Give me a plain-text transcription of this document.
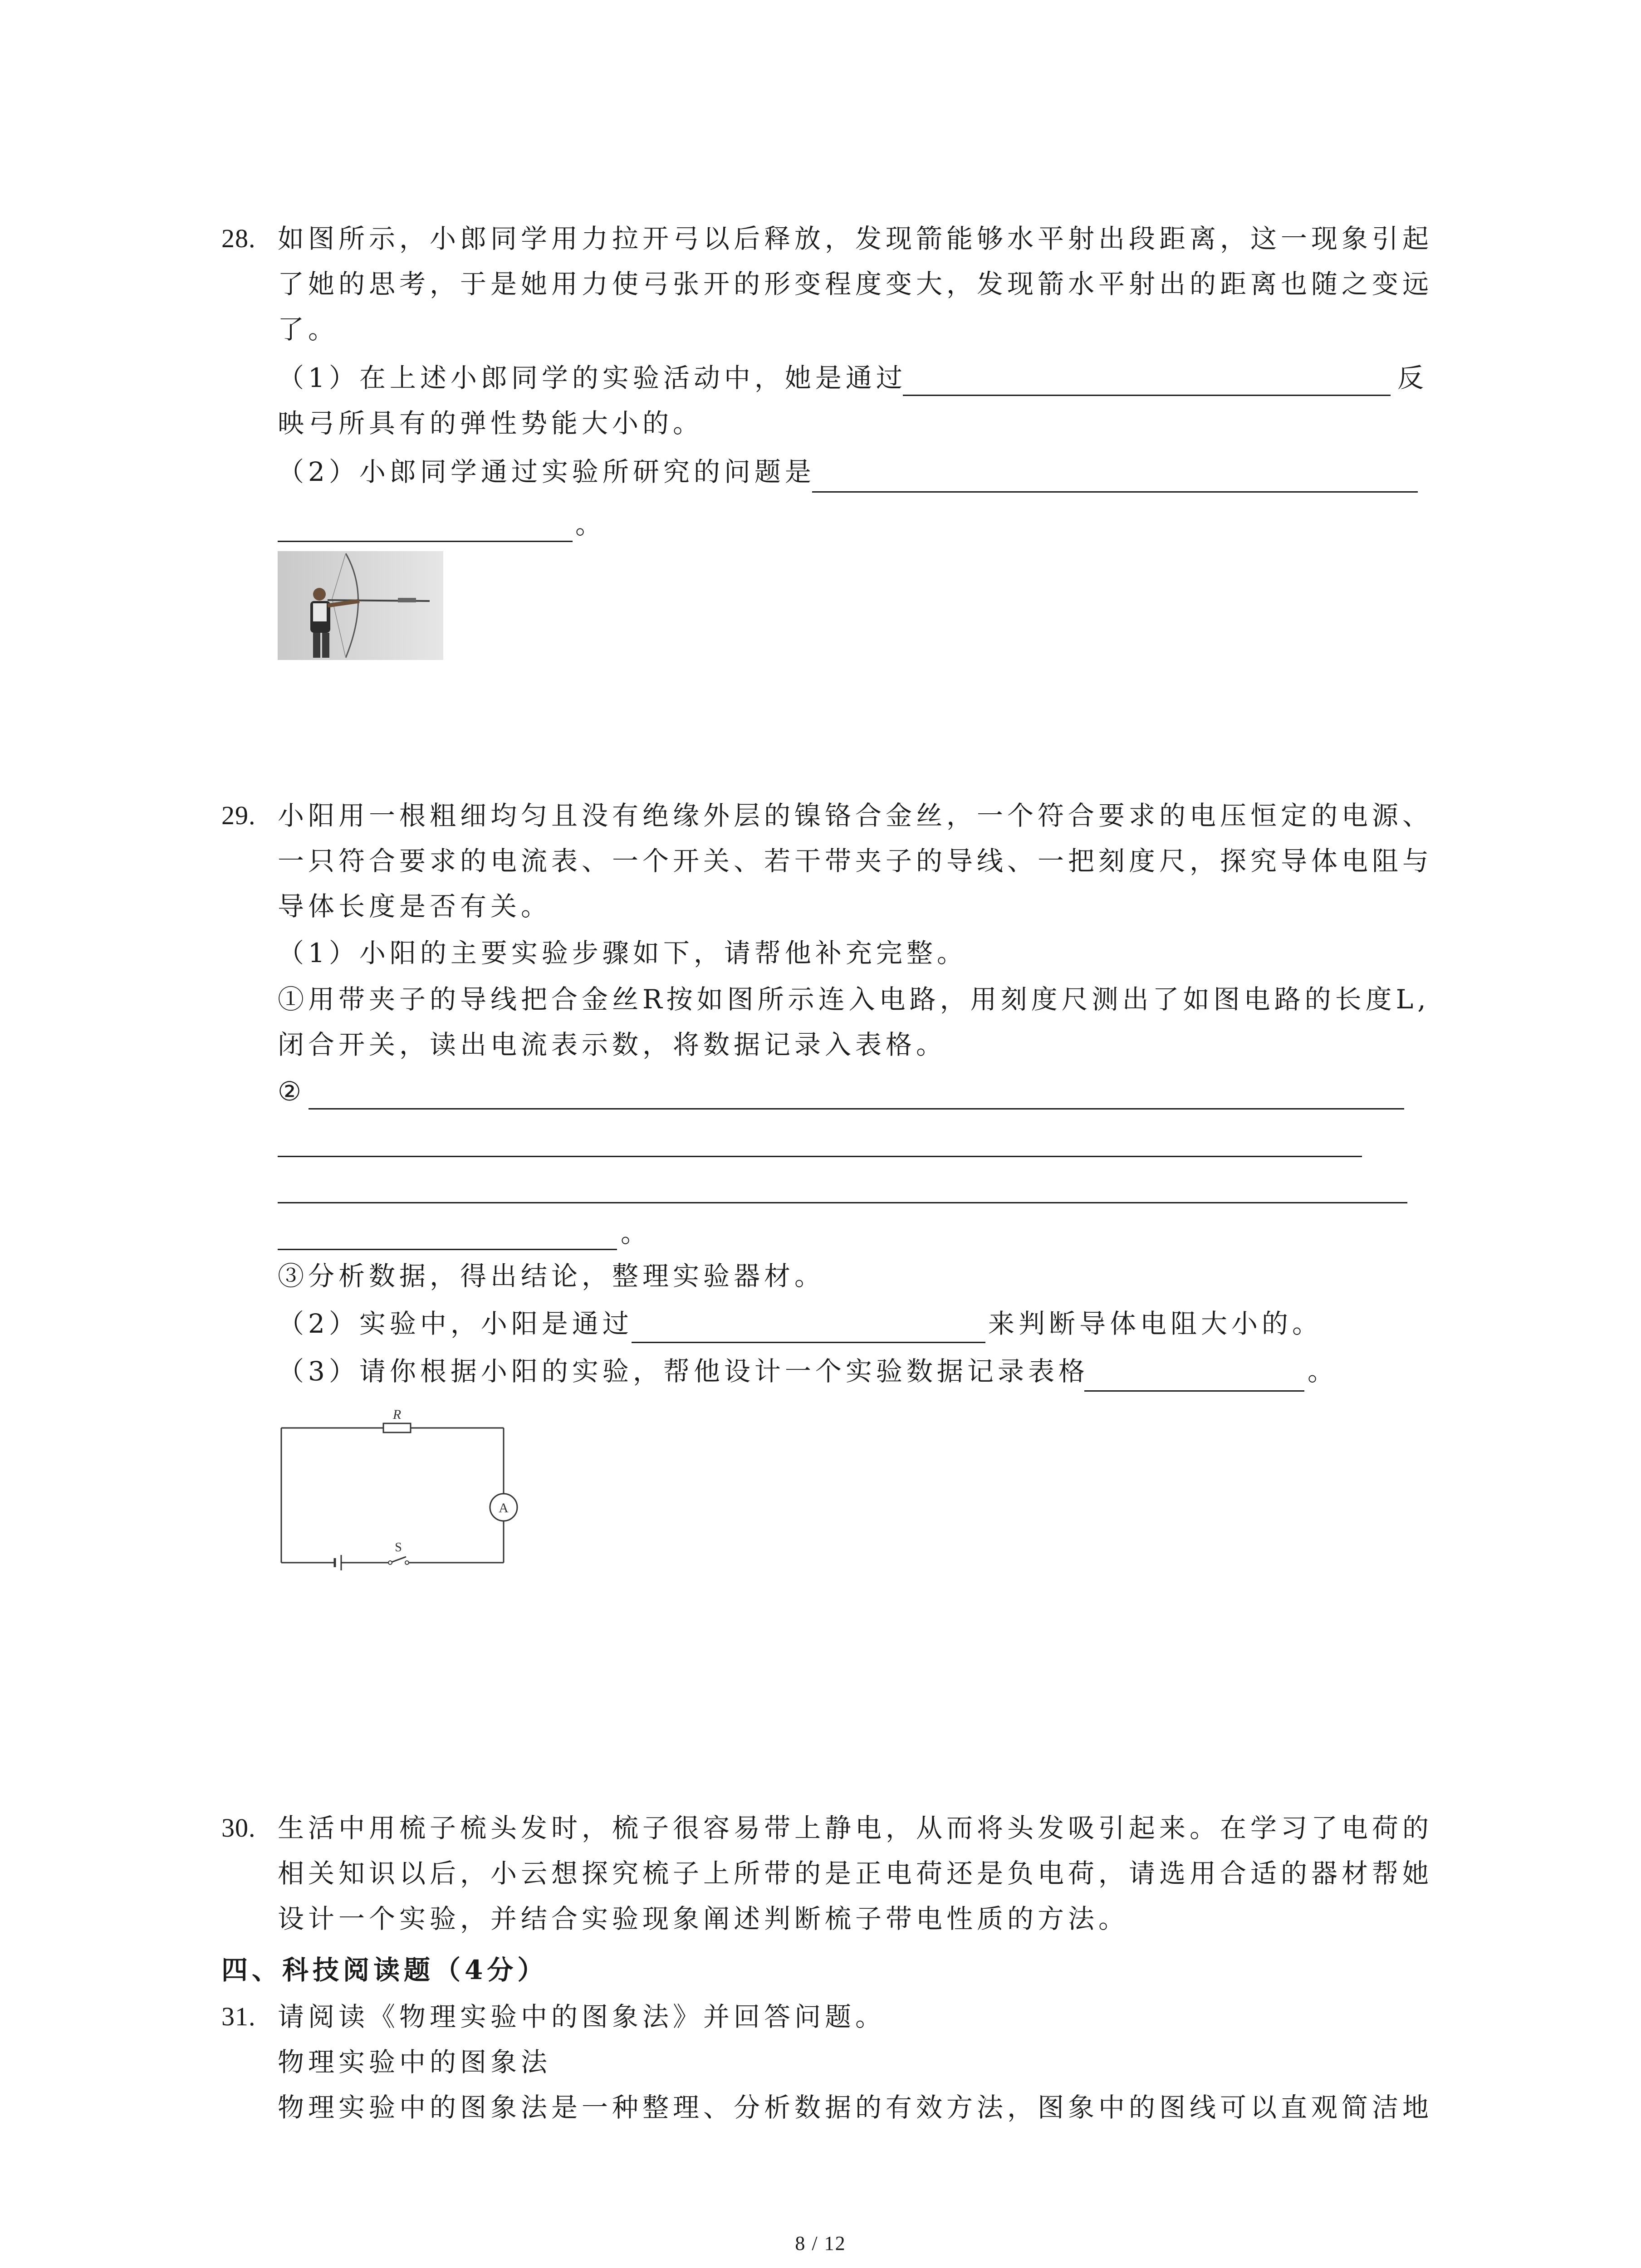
28. 如图所示，小郎同学用力拉开弓以后释放，发现箭能够水平射出段距离，这一现象引起
了她的思考，于是她用力使弓张开的形变程度变大，发现箭水平射出的距离也随之变远
了。
（1）在上述小郎同学的实验活动中，她是通过	反
映弓所具有的弹性势能大小的。
（2）小郎同学通过实验所研究的问题是
。
29. 小阳用一根粗细均匀且没有绝缘外层的镍铬合金丝，一个符合要求的电压恒定的电源、
一只符合要求的电流表、一个开关、若干带夹子的导线、一把刻度尺，探究导体电阻与
导体长度是否有关。
（1）小阳的主要实验步骤如下，请帮他补充完整。
①用带夹子的导线把合金丝R按如图所示连入电路，用刻度尺测出了如图电路的长度L,
闭合开关，读出电流表示数，将数据记录入表格。
②
。
③分析数据，得出结论，整理实验器材。
（2）实验中，小阳是通过	来判断导体电阻大小的。
（3）请你根据小阳的实验，帮他设计一个实验数据记录表格	。
R
A
S
30. 生活中用梳子梳头发时，梳子很容易带上静电，从而将头发吸引起来。在学习了电荷的
相关知识以后，小云想探究梳子上所带的是正电荷还是负电荷，请选用合适的器材帮她
设计一个实验，并结合实验现象阐述判断梳子带电性质的方法。
四、科技阅读题（4分）
31. 请阅读《物理实验中的图象法》并回答问题。
物理实验中的图象法
物理实验中的图象法是一种整理、分析数据的有效方法，图象中的图线可以直观简洁地
8 / 12
